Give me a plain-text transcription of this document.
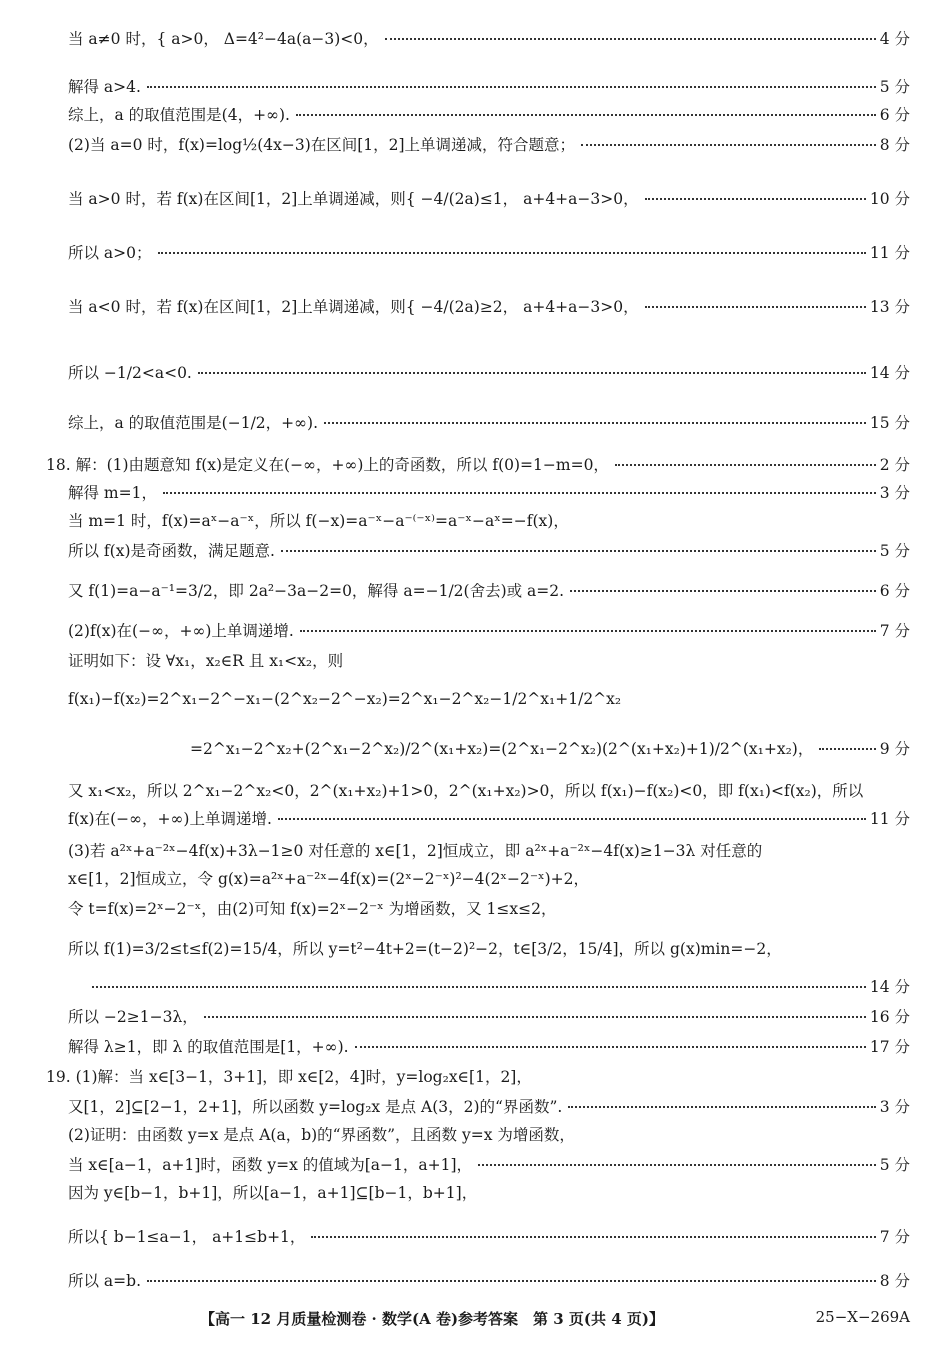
当 a≠0 时，{ a>0， Δ=4²−4a(a−3)<0，	4 分
解得 a>4.	5 分
综上，a 的取值范围是(4，+∞).	6 分
(2)当 a=0 时，f(x)=log½(4x−3)在区间[1，2]上单调递减，符合题意；	8 分
当 a>0 时，若 f(x)在区间[1，2]上单调递减，则{ −4/(2a)≤1， a+4+a−3>0，	10 分
所以 a>0；	11 分
当 a<0 时，若 f(x)在区间[1，2]上单调递减，则{ −4/(2a)≥2， a+4+a−3>0，	13 分
所以 −1/2<a<0.	14 分
综上，a 的取值范围是(−1/2，+∞).	15 分
18. 解：(1)由题意知 f(x)是定义在(−∞，+∞)上的奇函数，所以 f(0)=1−m=0，	2 分
解得 m=1，	3 分
当 m=1 时，f(x)=aˣ−a⁻ˣ，所以 f(−x)=a⁻ˣ−a⁻⁽⁻ˣ⁾=a⁻ˣ−aˣ=−f(x)，
所以 f(x)是奇函数，满足题意.	5 分
又 f(1)=a−a⁻¹=3/2，即 2a²−3a−2=0，解得 a=−1/2(舍去)或 a=2.	6 分
(2)f(x)在(−∞，+∞)上单调递增.	7 分
证明如下：设 ∀x₁，x₂∈R 且 x₁<x₂，则
f(x₁)−f(x₂)=2^x₁−2^−x₁−(2^x₂−2^−x₂)=2^x₁−2^x₂−1/2^x₁+1/2^x₂
=2^x₁−2^x₂+(2^x₁−2^x₂)/2^(x₁+x₂)=(2^x₁−2^x₂)(2^(x₁+x₂)+1)/2^(x₁+x₂)，	9 分
又 x₁<x₂，所以 2^x₁−2^x₂<0，2^(x₁+x₂)+1>0，2^(x₁+x₂)>0，所以 f(x₁)−f(x₂)<0，即 f(x₁)<f(x₂)，所以
f(x)在(−∞，+∞)上单调递增.	11 分
(3)若 a²ˣ+a⁻²ˣ−4f(x)+3λ−1≥0 对任意的 x∈[1，2]恒成立，即 a²ˣ+a⁻²ˣ−4f(x)≥1−3λ 对任意的
x∈[1，2]恒成立，令 g(x)=a²ˣ+a⁻²ˣ−4f(x)=(2ˣ−2⁻ˣ)²−4(2ˣ−2⁻ˣ)+2，
令 t=f(x)=2ˣ−2⁻ˣ，由(2)可知 f(x)=2ˣ−2⁻ˣ 为增函数，又 1≤x≤2，
所以 f(1)=3/2≤t≤f(2)=15/4，所以 y=t²−4t+2=(t−2)²−2，t∈[3/2，15/4]，所以 g(x)min=−2，
14 分
所以 −2≥1−3λ，	16 分
解得 λ≥1，即 λ 的取值范围是[1，+∞).	17 分
19. (1)解：当 x∈[3−1，3+1]，即 x∈[2，4]时，y=log₂x∈[1，2]，
又[1，2]⊆[2−1，2+1]，所以函数 y=log₂x 是点 A(3，2)的“界函数”.	3 分
(2)证明：由函数 y=x 是点 A(a，b)的“界函数”，且函数 y=x 为增函数，
当 x∈[a−1，a+1]时，函数 y=x 的值域为[a−1，a+1]，	5 分
因为 y∈[b−1，b+1]，所以[a−1，a+1]⊆[b−1，b+1]，
所以{ b−1≤a−1， a+1≤b+1，	7 分
所以 a=b.	8 分
【高一 12 月质量检测卷 · 数学(A 卷)参考答案　第 3 页(共 4 页)】	25−X−269A
